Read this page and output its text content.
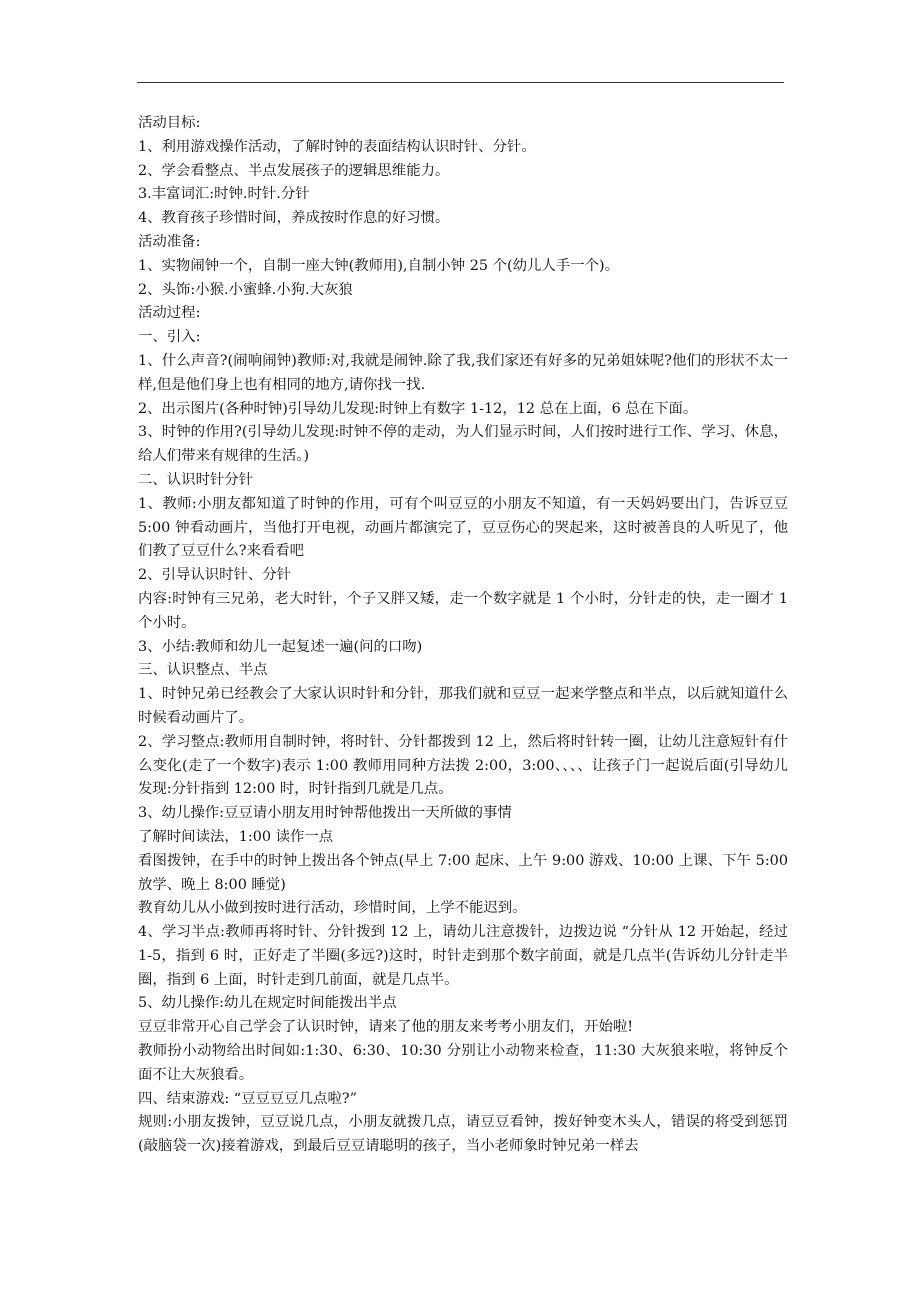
活动目标:

1、利用游戏操作活动，了解时钟的表面结构认识时针、分针。

2、学会看整点、半点发展孩子的逻辑思维能力。

3.丰富词汇:时钟.时针.分针

4、教育孩子珍惜时间，养成按时作息的好习惯。

活动准备:

1、实物闹钟一个，自制一座大钟(教师用),自制小钟 25 个(幼儿人手一个)。

2、头饰:小猴.小蜜蜂.小狗.大灰狼

活动过程:

一、引入:

1、什么声音?(闹响闹钟)教师:对,我就是闹钟.除了我,我们家还有好多的兄弟姐妹呢?他们的形状不太一样,但是他们身上也有相同的地方,请你找一找.

2、出示图片(各种时钟)引导幼儿发现:时钟上有数字 1-12，12 总在上面，6 总在下面。

3、时钟的作用?(引导幼儿发现:时钟不停的走动，为人们显示时间，人们按时进行工作、学习、休息，给人们带来有规律的生活。)

二、认识时针分针

1、教师:小朋友都知道了时钟的作用，可有个叫豆豆的小朋友不知道，有一天妈妈要出门，告诉豆豆 5:00 钟看动画片，当他打开电视，动画片都演完了，豆豆伤心的哭起来，这时被善良的人听见了，他们教了豆豆什么?来看看吧

2、引导认识时针、分针

内容:时钟有三兄弟，老大时针，个子又胖又矮，走一个数字就是 1 个小时，分针走的快，走一圈才 1 个小时。

3、小结:教师和幼儿一起复述一遍(问的口吻)

三、认识整点、半点

1、时钟兄弟已经教会了大家认识时针和分针，那我们就和豆豆一起来学整点和半点，以后就知道什么时候看动画片了。

2、学习整点:教师用自制时钟，将时针、分针都拨到 12 上，然后将时针转一圈，让幼儿注意短针有什么变化(走了一个数字)表示 1:00 教师用同种方法拨 2:00，3:00、、、、让孩子门一起说后面(引导幼儿发现:分针指到 12:00 时，时针指到几就是几点。

3、幼儿操作:豆豆请小朋友用时钟帮他拨出一天所做的事情

了解时间读法，1:00 读作一点

看图拨钟，在手中的时钟上拨出各个钟点(早上 7:00 起床、上午 9:00 游戏、10:00 上课、下午 5:00 放学、晚上 8:00 睡觉)

教育幼儿从小做到按时进行活动，珍惜时间，上学不能迟到。

4、学习半点:教师再将时针、分针拨到 12 上，请幼儿注意拨针，边拨边说 “分针从 12 开始起，经过 1-5，指到 6 时，正好走了半圈(多远?)这时，时针走到那个数字前面，就是几点半(告诉幼儿分针走半圈，指到 6 上面，时针走到几前面，就是几点半。

5、幼儿操作:幼儿在规定时间能拨出半点

豆豆非常开心自己学会了认识时钟，请来了他的朋友来考考小朋友们，开始啦!

教师扮小动物给出时间如:1:30、6:30、10:30 分别让小动物来检查，11:30 大灰狼来啦，将钟反个面不让大灰狼看。

四、结束游戏: “豆豆豆豆几点啦?”

规则:小朋友拨钟，豆豆说几点，小朋友就拨几点，请豆豆看钟，拨好钟变木头人，错误的将受到惩罚(敲脑袋一次)接着游戏，到最后豆豆请聪明的孩子，当小老师象时钟兄弟一样去
